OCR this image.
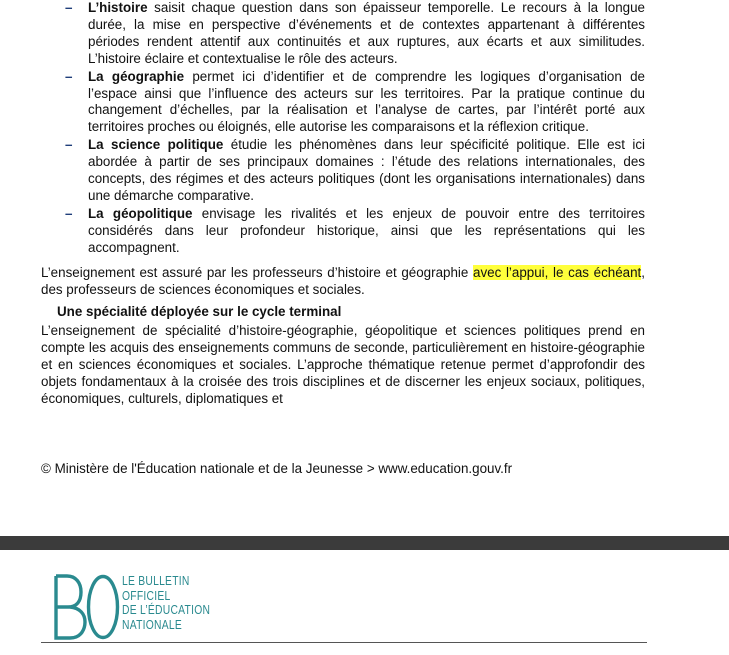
– L’histoire saisit chaque question dans son épaisseur temporelle. Le recours à la longue durée, la mise en perspective d’événements et de contextes appartenant à différentes périodes rendent attentif aux continuités et aux ruptures, aux écarts et aux similitudes. L’histoire éclaire et contextualise le rôle des acteurs.
– La géographie permet ici d’identifier et de comprendre les logiques d’organisation de l’espace ainsi que l’influence des acteurs sur les territoires. Par la pratique continue du changement d’échelles, par la réalisation et l’analyse de cartes, par l’intérêt porté aux territoires proches ou éloignés, elle autorise les comparaisons et la réflexion critique.
– La science politique étudie les phénomènes dans leur spécificité politique. Elle est ici abordée à partir de ses principaux domaines : l’étude des relations internationales, des concepts, des régimes et des acteurs politiques (dont les organisations internationales) dans une démarche comparative.
– La géopolitique envisage les rivalités et les enjeux de pouvoir entre des territoires considérés dans leur profondeur historique, ainsi que les représentations qui les accompagnent.

L’enseignement est assuré par les professeurs d’histoire et géographie avec l’appui, le cas échéant, des professeurs de sciences économiques et sociales.

Une spécialité déployée sur le cycle terminal

L’enseignement de spécialité d’histoire-géographie, géopolitique et sciences politiques prend en compte les acquis des enseignements communs de seconde, particulièrement en histoire-géographie et en sciences économiques et sociales. L’approche thématique retenue permet d’approfondir des objets fondamentaux à la croisée des trois disciplines et de discerner les enjeux sociaux, politiques, économiques, culturels, diplomatiques et

© Ministère de l'Éducation nationale et de la Jeunesse > www.education.gouv.fr
LE BULLETIN
OFFICIEL
DE L’ÉDUCATION
NATIONALE
